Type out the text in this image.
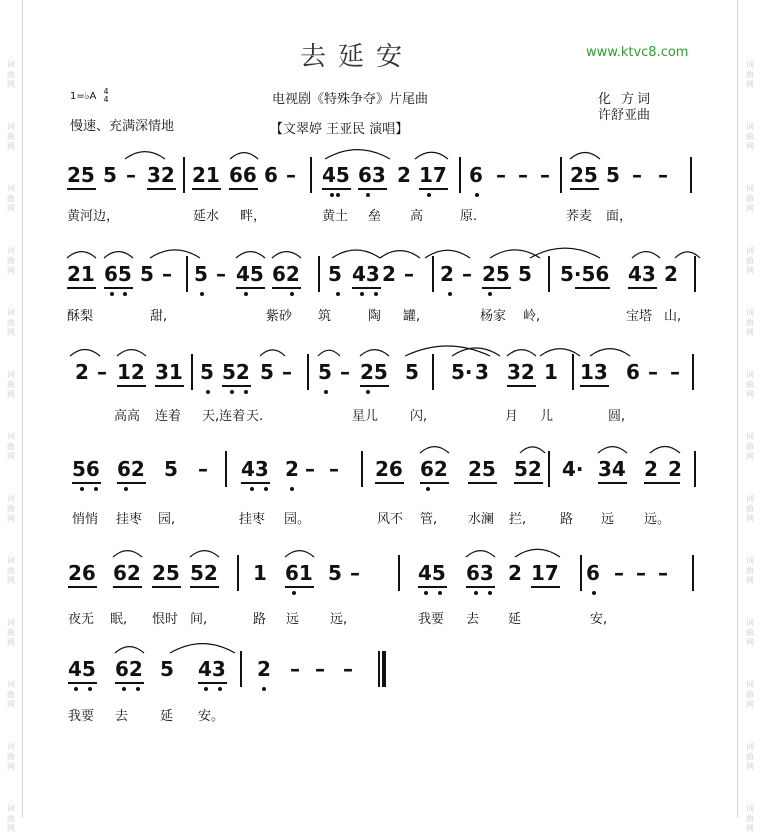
词
曲
网
词
曲
网
词
曲
网
词
曲
网
词
曲
网
词
曲
网
词
曲
网
词
曲
网
词
曲
网
词
曲
网
词
曲
网
词
曲
网
词
曲
网
词
曲
网
词
曲
网
词
曲
网
词
曲
网
词
曲
网
词
曲
网
词
曲
网
词
曲
网
词
曲
网
词
曲
网
词
曲
网
词
曲
网
词
曲
网
去延安	www.ktvc8.com
1=♭A 4
4	电视剧《特殊争夺》片尾曲	化 方词
许舒亚曲
慢速、充满深情地	【文翠婷 王亚民 演唱】
25 5 – 32 21 66 6 – 45 63 2 17 6 – – – 25 5 – –
黄河边，	延水 畔，	黄土 垒 高	原.	荞麦 面，
21 65 5 – 5 – 45 62 5 43 2 – 2 – 25 5 5·56 43 2
酥梨	甜,	紫砂 筑	陶 罐,	杨家 岭,	宝塔 山,
2 – 12 31 5 52 5 – 5 – 25 5 5· 3 32 1 13 6 – –
高高 连着 天,连着 天.	星儿 闪,	月 儿	圆,
56 62 5 – 43 2 – – 26 62 25 52 4· 34 2 2
悄悄 挂枣 园,	挂枣 园。	风不 管, 水澜 拦,	路 远 远。
26 62 25 52 1 61 5 –	45 63 2 17 6 – – –
夜无 眠, 恨时 间,	路 远 远,	我要 去 延	安,
45 62 5 43 2 – – –
我要 去 延 安。
